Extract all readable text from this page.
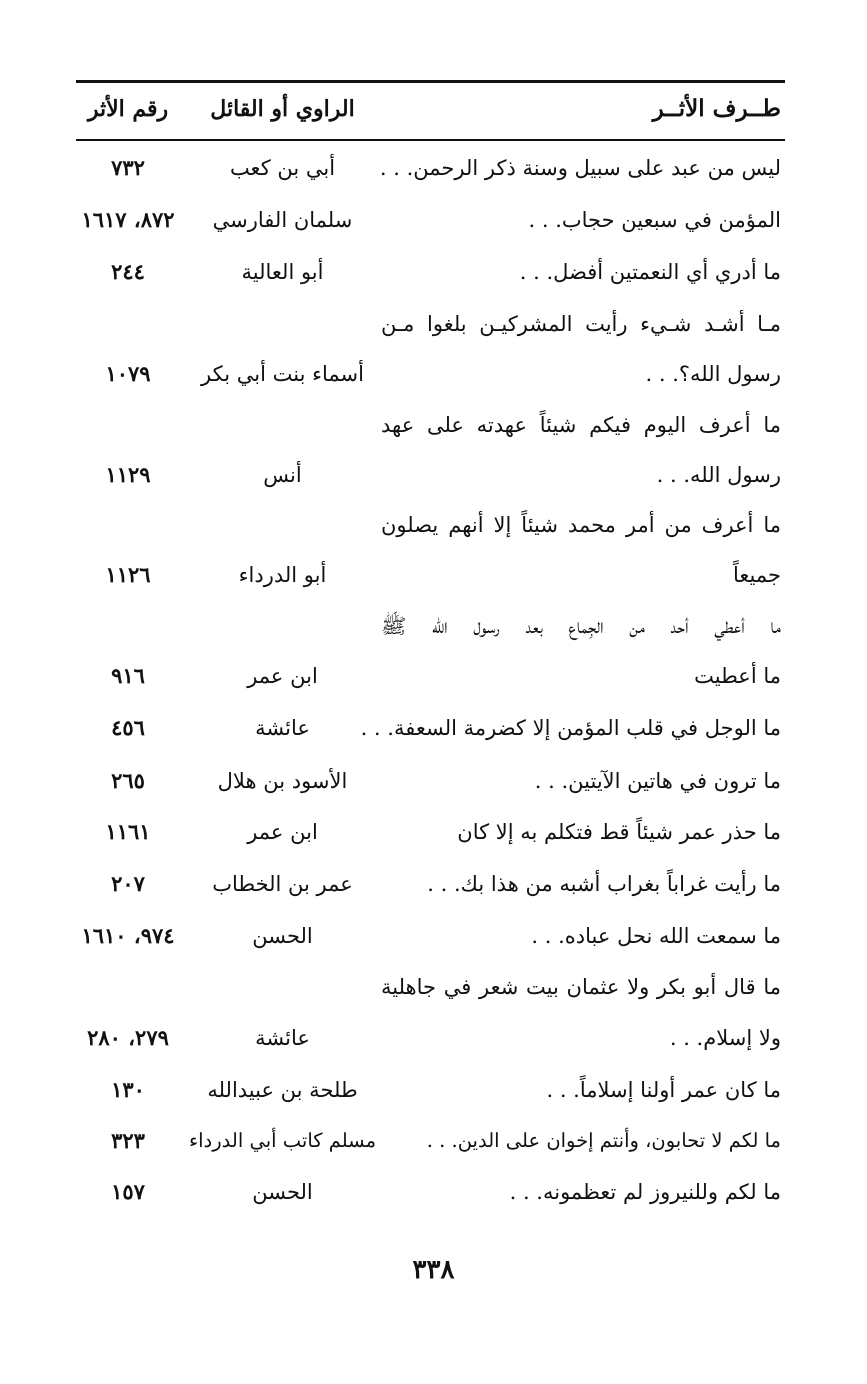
طــرف الأثــر
الراوي أو القائل
رقم الأثر
ليس من عبد على سبيل وسنة ذكر الرحمن. . .
أبي بن كعب
٧٣٢
المؤمن في سبعين حجاب. . .
سلمان الفارسي
٨٧٢، ١٦١٧
ما أدري أي النعمتين أفضل. . .
أبو العالية
٢٤٤
مـا أشـد شـيء رأيت المشركيـن بلغوا مـن
رسول الله؟. . .
أسماء بنت أبي بكر
١٠٧٩
ما أعرف اليوم فيكم شيئاً عهدته على عهد
رسول الله. . .
أنس
١١٢٩
ما أعرف من أمر محمد شيئاً إلا أنهم يصلون
جميعاً
أبو الدرداء
١١٢٦
ما أعطي أحد من الجِماع بعد رسول الله ﷺ
ما أعطيت
ابن عمر
٩١٦
ما الوجل في قلب المؤمن إلا كضرمة السعفة. . .
عائشة
٤٥٦
ما ترون في هاتين الآيتين. . .
الأسود بن هلال
٢٦٥
ما حذر عمر شيئاً قط فتكلم به إلا كان
ابن عمر
١١٦١
ما رأيت غراباً بغراب أشبه من هذا بك. . .
عمر بن الخطاب
٢٠٧
ما سمعت الله نحل عباده. . .
الحسن
٩٧٤، ١٦١٠
ما قال أبو بكر ولا عثمان بيت شعر في جاهلية
ولا إسلام. . .
عائشة
٢٧٩، ٢٨٠
ما كان عمر أولنا إسلاماً. . .
طلحة بن عبيدالله
١٣٠
ما لكم لا تحابون، وأنتم إخوان على الدين. . .
مسلم كاتب أبي الدرداء
٣٢٣
ما لكم وللنيروز لم تعظمونه. . .
الحسن
١٥٧
٣٣٨
